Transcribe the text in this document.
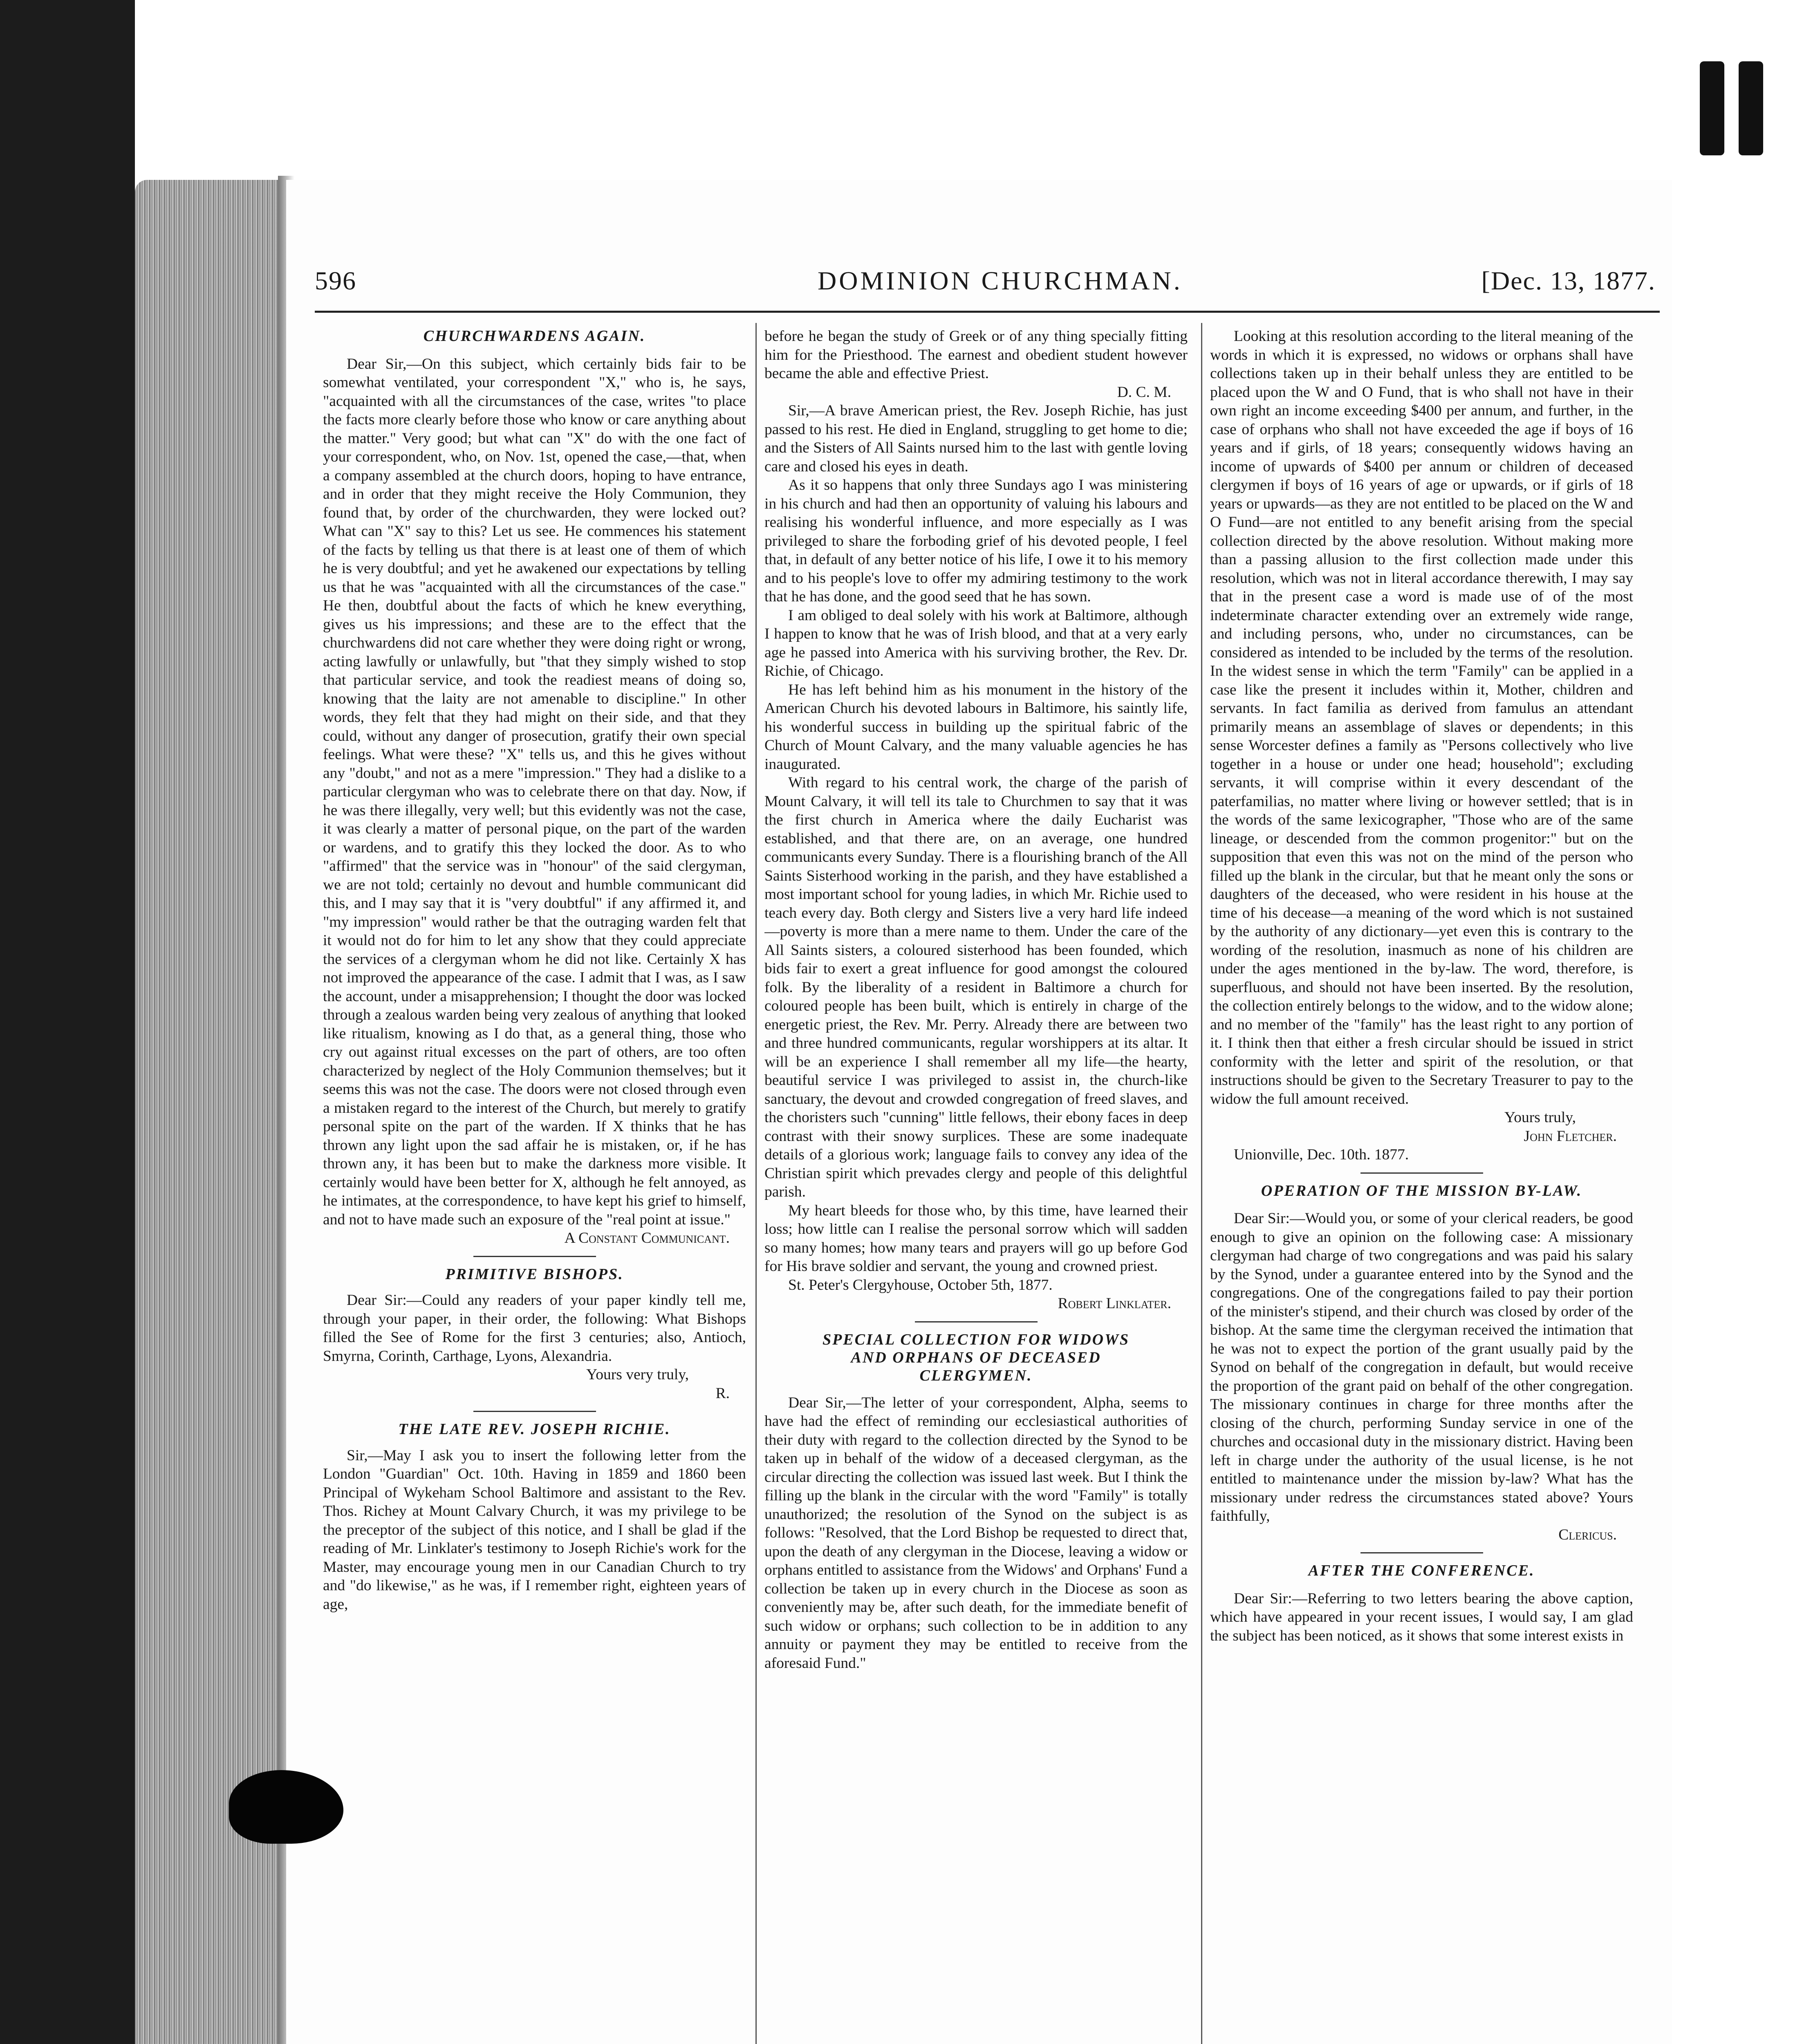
596	DOMINION CHURCHMAN.	[Dec. 13, 1877.
CHURCHWARDENS AGAIN.

Dear Sir,—On this subject, which certainly bids fair to be somewhat ventilated, your correspondent "X," who is, he says, "acquainted with all the circumstances of the case, writes "to place the facts more clearly before those who know or care anything about the matter." Very good; but what can "X" do with the one fact of your correspondent, who, on Nov. 1st, opened the case,—that, when a company assembled at the church doors, hoping to have entrance, and in order that they might receive the Holy Communion, they found that, by order of the churchwarden, they were locked out? What can "X" say to this? Let us see. He commences his statement of the facts by telling us that there is at least one of them of which he is very doubtful; and yet he awakened our expectations by telling us that he was "acquainted with all the circumstances of the case." He then, doubtful about the facts of which he knew everything, gives us his impressions; and these are to the effect that the churchwardens did not care whether they were doing right or wrong, acting lawfully or unlawfully, but "that they simply wished to stop that particular service, and took the readiest means of doing so, knowing that the laity are not amenable to discipline." In other words, they felt that they had might on their side, and that they could, without any danger of prosecution, gratify their own special feelings. What were these? "X" tells us, and this he gives without any "doubt," and not as a mere "impression." They had a dislike to a particular clergyman who was to celebrate there on that day. Now, if he was there illegally, very well; but this evidently was not the case, it was clearly a matter of personal pique, on the part of the warden or wardens, and to gratify this they locked the door. As to who "affirmed" that the service was in "honour" of the said clergyman, we are not told; certainly no devout and humble communicant did this, and I may say that it is "very doubtful" if any affirmed it, and "my impression" would rather be that the outraging warden felt that it would not do for him to let any show that they could appreciate the services of a clergyman whom he did not like. Certainly X has not improved the appearance of the case. I admit that I was, as I saw the account, under a misapprehension; I thought the door was locked through a zealous warden being very zealous of anything that looked like ritualism, knowing as I do that, as a general thing, those who cry out against ritual excesses on the part of others, are too often characterized by neglect of the Holy Communion themselves; but it seems this was not the case. The doors were not closed through even a mistaken regard to the interest of the Church, but merely to gratify personal spite on the part of the warden. If X thinks that he has thrown any light upon the sad affair he is mistaken, or, if he has thrown any, it has been but to make the darkness more visible. It certainly would have been better for X, although he felt annoyed, as he intimates, at the correspondence, to have kept his grief to himself, and not to have made such an exposure of the "real point at issue."

A Constant Communicant.

PRIMITIVE BISHOPS.

Dear Sir:—Could any readers of your paper kindly tell me, through your paper, in their order, the following: What Bishops filled the See of Rome for the first 3 centuries; also, Antioch, Smyrna, Corinth, Carthage, Lyons, Alexandria.

Yours very truly,

R.

THE LATE REV. JOSEPH RICHIE.

Sir,—May I ask you to insert the following letter from the London "Guardian" Oct. 10th. Having in 1859 and 1860 been Principal of Wykeham School Baltimore and assistant to the Rev. Thos. Richey at Mount Calvary Church, it was my privilege to be the preceptor of the subject of this notice, and I shall be glad if the reading of Mr. Linklater's testimony to Joseph Richie's work for the Master, may encourage young men in our Canadian Church to try and "do likewise," as he was, if I remember right, eighteen years of age,

before he began the study of Greek or of any thing specially fitting him for the Priesthood. The earnest and obedient student however became the able and effective Priest.

D. C. M.

Sir,—A brave American priest, the Rev. Joseph Richie, has just passed to his rest. He died in England, struggling to get home to die; and the Sisters of All Saints nursed him to the last with gentle loving care and closed his eyes in death.

As it so happens that only three Sundays ago I was ministering in his church and had then an opportunity of valuing his labours and realising his wonderful influence, and more especially as I was privileged to share the forboding grief of his devoted people, I feel that, in default of any better notice of his life, I owe it to his memory and to his people's love to offer my admiring testimony to the work that he has done, and the good seed that he has sown.

I am obliged to deal solely with his work at Baltimore, although I happen to know that he was of Irish blood, and that at a very early age he passed into America with his surviving brother, the Rev. Dr. Richie, of Chicago.

He has left behind him as his monument in the history of the American Church his devoted labours in Baltimore, his saintly life, his wonderful success in building up the spiritual fabric of the Church of Mount Calvary, and the many valuable agencies he has inaugurated.

With regard to his central work, the charge of the parish of Mount Calvary, it will tell its tale to Churchmen to say that it was the first church in America where the daily Eucharist was established, and that there are, on an average, one hundred communicants every Sunday. There is a flourishing branch of the All Saints Sisterhood working in the parish, and they have established a most important school for young ladies, in which Mr. Richie used to teach every day. Both clergy and Sisters live a very hard life indeed—poverty is more than a mere name to them. Under the care of the All Saints sisters, a coloured sisterhood has been founded, which bids fair to exert a great influence for good amongst the coloured folk. By the liberality of a resident in Baltimore a church for coloured people has been built, which is entirely in charge of the energetic priest, the Rev. Mr. Perry. Already there are between two and three hundred communicants, regular worshippers at its altar. It will be an experience I shall remember all my life—the hearty, beautiful service I was privileged to assist in, the church-like sanctuary, the devout and crowded congregation of freed slaves, and the choristers such "cunning" little fellows, their ebony faces in deep contrast with their snowy surplices. These are some inadequate details of a glorious work; language fails to convey any idea of the Christian spirit which prevades clergy and people of this delightful parish.

My heart bleeds for those who, by this time, have learned their loss; how little can I realise the personal sorrow which will sadden so many homes; how many tears and prayers will go up before God for His brave soldier and servant, the young and crowned priest.

St. Peter's Clergyhouse, October 5th, 1877.

Robert Linklater.

SPECIAL COLLECTION FOR WIDOWS
AND ORPHANS OF DECEASED
CLERGYMEN.

Dear Sir,—The letter of your correspondent, Alpha, seems to have had the effect of reminding our ecclesiastical authorities of their duty with regard to the collection directed by the Synod to be taken up in behalf of the widow of a deceased clergyman, as the circular directing the collection was issued last week. But I think the filling up the blank in the circular with the word "Family" is totally unauthorized; the resolution of the Synod on the subject is as follows: "Resolved, that the Lord Bishop be requested to direct that, upon the death of any clergyman in the Diocese, leaving a widow or orphans entitled to assistance from the Widows' and Orphans' Fund a collection be taken up in every church in the Diocese as soon as conveniently may be, after such death, for the immediate benefit of such widow or orphans; such collection to be in addition to any annuity or payment they may be entitled to receive from the aforesaid Fund."

Looking at this resolution according to the literal meaning of the words in which it is expressed, no widows or orphans shall have collections taken up in their behalf unless they are entitled to be placed upon the W and O Fund, that is who shall not have in their own right an income exceeding $400 per annum, and further, in the case of orphans who shall not have exceeded the age if boys of 16 years and if girls, of 18 years; consequently widows having an income of upwards of $400 per annum or children of deceased clergymen if boys of 16 years of age or upwards, or if girls of 18 years or upwards—as they are not entitled to be placed on the W and O Fund—are not entitled to any benefit arising from the special collection directed by the above resolution. Without making more than a passing allusion to the first collection made under this resolution, which was not in literal accordance therewith, I may say that in the present case a word is made use of of the most indeterminate character extending over an extremely wide range, and including persons, who, under no circumstances, can be considered as intended to be included by the terms of the resolution. In the widest sense in which the term "Family" can be applied in a case like the present it includes within it, Mother, children and servants. In fact familia as derived from famulus an attendant primarily means an assemblage of slaves or dependents; in this sense Worcester defines a family as "Persons collectively who live together in a house or under one head; household"; excluding servants, it will comprise within it every descendant of the paterfamilias, no matter where living or however settled; that is in the words of the same lexicographer, "Those who are of the same lineage, or descended from the common progenitor:" but on the supposition that even this was not on the mind of the person who filled up the blank in the circular, but that he meant only the sons or daughters of the deceased, who were resident in his house at the time of his decease—a meaning of the word which is not sustained by the authority of any dictionary—yet even this is contrary to the wording of the resolution, inasmuch as none of his children are under the ages mentioned in the by-law. The word, therefore, is superfluous, and should not have been inserted. By the resolution, the collection entirely belongs to the widow, and to the widow alone; and no member of the "family" has the least right to any portion of it. I think then that either a fresh circular should be issued in strict conformity with the letter and spirit of the resolution, or that instructions should be given to the Secretary Treasurer to pay to the widow the full amount received.

Yours truly,

John Fletcher.

Unionville, Dec. 10th. 1877.

OPERATION OF THE MISSION BY-LAW.

Dear Sir:—Would you, or some of your clerical readers, be good enough to give an opinion on the following case: A missionary clergyman had charge of two congregations and was paid his salary by the Synod, under a guarantee entered into by the Synod and the congregations. One of the congregations failed to pay their portion of the minister's stipend, and their church was closed by order of the bishop. At the same time the clergyman received the intimation that he was not to expect the portion of the grant usually paid by the Synod on behalf of the congregation in default, but would receive the proportion of the grant paid on behalf of the other congregation. The missionary continues in charge for three months after the closing of the church, performing Sunday service in one of the churches and occasional duty in the missionary district. Having been left in charge under the authority of the usual license, is he not entitled to maintenance under the mission by-law? What has the missionary under redress the circumstances stated above? Yours faithfully,

Clericus.

AFTER THE CONFERENCE.

Dear Sir:—Referring to two letters bearing the above caption, which have appeared in your recent issues, I would say, I am glad the subject has been noticed, as it shows that some interest exists in
